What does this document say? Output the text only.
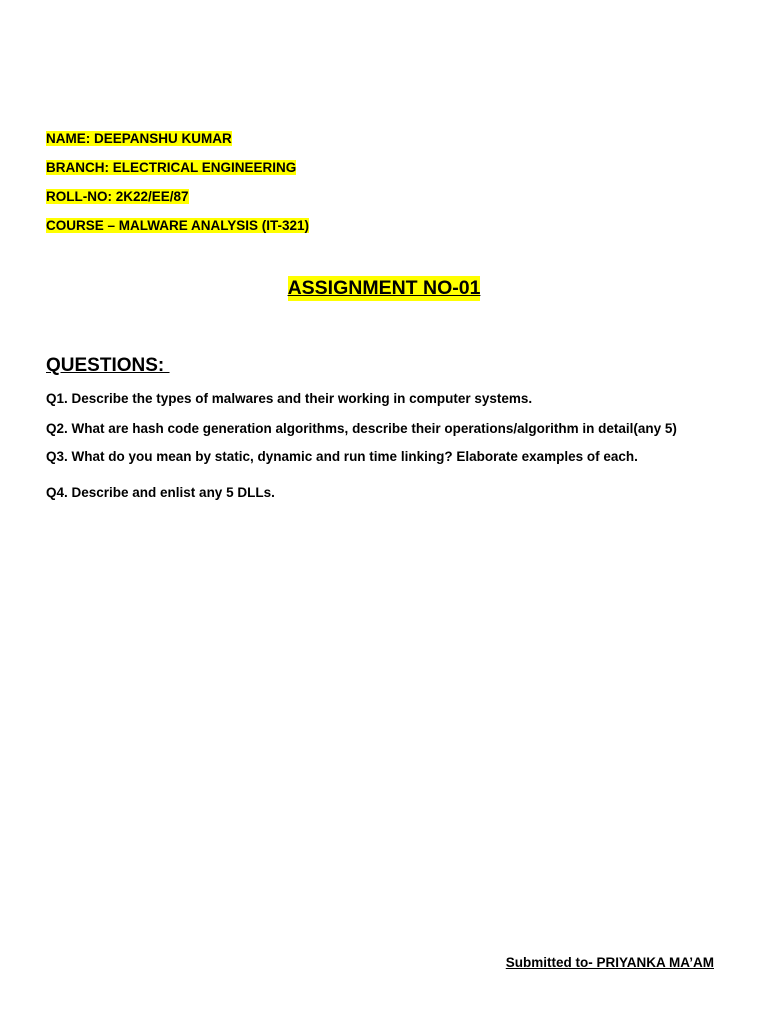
NAME: DEEPANSHU KUMAR
BRANCH: ELECTRICAL ENGINEERING
ROLL-NO: 2K22/EE/87
COURSE – MALWARE ANALYSIS (IT-321)
ASSIGNMENT NO-01
QUESTIONS:
Q1. Describe the types of malwares and their working in computer systems.
Q2. What are hash code generation algorithms, describe their operations/algorithm in detail(any 5)
Q3. What do you mean by static, dynamic and run time linking? Elaborate examples of each.
Q4. Describe and enlist any 5 DLLs.
Submitted to- PRIYANKA MA’AM
